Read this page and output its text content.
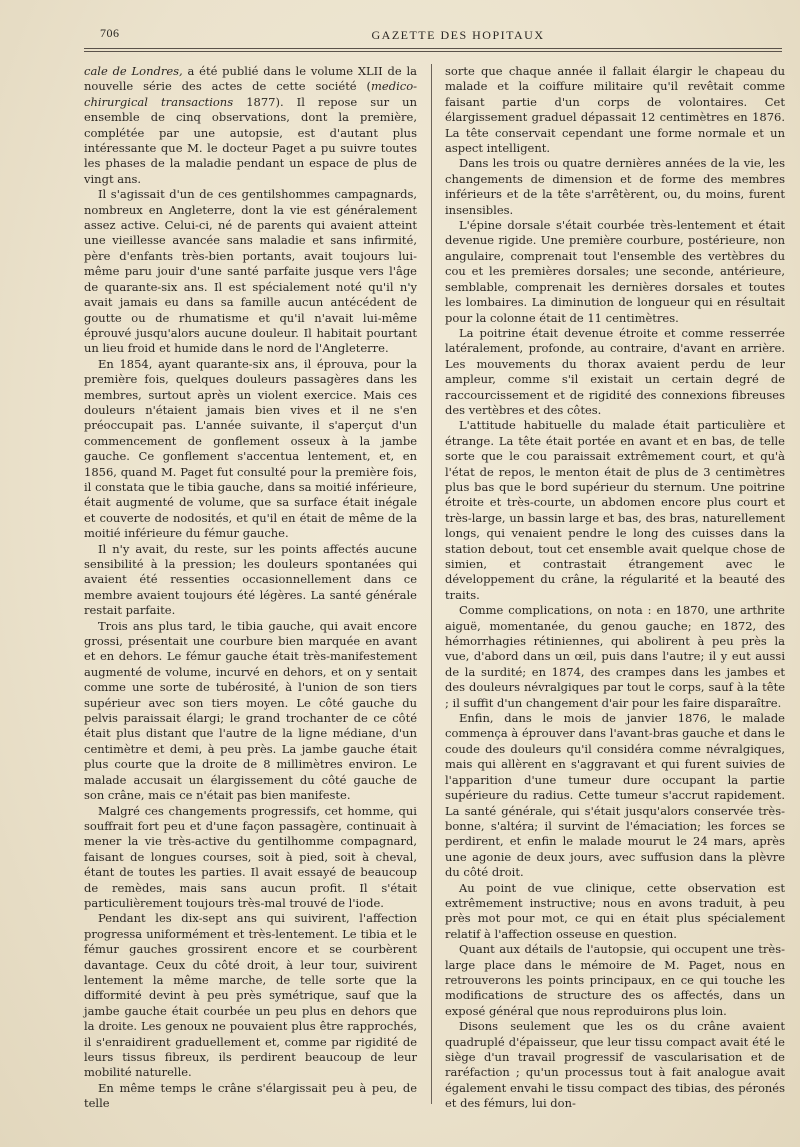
706	GAZETTE DES HOPITAUX

cale de Londres, a été publié dans le volume XLII de la nouvelle série des actes de cette société (medico-chirurgical transactions 1877). Il repose sur un ensemble de cinq observations, dont la première, complétée par une autopsie, est d'autant plus intéressante que M. le docteur Paget a pu suivre toutes les phases de la maladie pendant un espace de plus de vingt ans.

Il s'agissait d'un de ces gentilshommes campagnards, nombreux en Angleterre, dont la vie est généralement assez active. Celui-ci, né de parents qui avaient atteint une vieillesse avancée sans maladie et sans infirmité, père d'enfants très-bien portants, avait toujours lui-même paru jouir d'une santé parfaite jusque vers l'âge de quarante-six ans. Il est spécialement noté qu'il n'y avait jamais eu dans sa famille aucun antécédent de goutte ou de rhumatisme et qu'il n'avait lui-même éprouvé jusqu'alors aucune douleur. Il habitait pourtant un lieu froid et humide dans le nord de l'Angleterre.

En 1854, ayant quarante-six ans, il éprouva, pour la première fois, quelques douleurs passagères dans les membres, surtout après un violent exercice. Mais ces douleurs n'étaient jamais bien vives et il ne s'en préoccupait pas. L'année suivante, il s'aperçut d'un commencement de gonflement osseux à la jambe gauche. Ce gonflement s'accentua lentement, et, en 1856, quand M. Paget fut consulté pour la première fois, il constata que le tibia gauche, dans sa moitié inférieure, était augmenté de volume, que sa surface était inégale et couverte de nodosités, et qu'il en était de même de la moitié inférieure du fémur gauche.

Il n'y avait, du reste, sur les points affectés aucune sensibilité à la pression; les douleurs spontanées qui avaient été ressenties occasionnellement dans ce membre avaient toujours été légères. La santé générale restait parfaite.

Trois ans plus tard, le tibia gauche, qui avait encore grossi, présentait une courbure bien marquée en avant et en dehors. Le fémur gauche était très-manifestement augmenté de volume, incurvé en dehors, et on y sentait comme une sorte de tubérosité, à l'union de son tiers supérieur avec son tiers moyen. Le côté gauche du pelvis paraissait élargi; le grand trochanter de ce côté était plus distant que l'autre de la ligne médiane, d'un centimètre et demi, à peu près. La jambe gauche était plus courte que la droite de 8 millimètres environ. Le malade accusait un élargissement du côté gauche de son crâne, mais ce n'était pas bien manifeste.

Malgré ces changements progressifs, cet homme, qui souffrait fort peu et d'une façon passagère, continuait à mener la vie très-active du gentilhomme compagnard, faisant de longues courses, soit à pied, soit à cheval, étant de toutes les parties. Il avait essayé de beaucoup de remèdes, mais sans aucun profit. Il s'était particulièrement toujours très-mal trouvé de l'iode.

Pendant les dix-sept ans qui suivirent, l'affection progressa uniformément et très-lentement. Le tibia et le fémur gauches grossirent encore et se courbèrent davantage. Ceux du côté droit, à leur tour, suivirent lentement la même marche, de telle sorte que la difformité devint à peu près symétrique, sauf que la jambe gauche était courbée un peu plus en dehors que la droite. Les genoux ne pouvaient plus être rapprochés, il s'enraidirent graduellement et, comme par rigidité de leurs tissus fibreux, ils perdirent beaucoup de leur mobilité naturelle.

En même temps le crâne s'élargissait peu à peu, de telle

sorte que chaque année il fallait élargir le chapeau du malade et la coiffure militaire qu'il revêtait comme faisant partie d'un corps de volontaires. Cet élargissement graduel dépassait 12 centimètres en 1876. La tête conservait cependant une forme normale et un aspect intelligent.

Dans les trois ou quatre dernières années de la vie, les changements de dimension et de forme des membres inférieurs et de la tête s'arrêtèrent, ou, du moins, furent insensibles.

L'épine dorsale s'était courbée très-lentement et était devenue rigide. Une première courbure, postérieure, non angulaire, comprenait tout l'ensemble des vertèbres du cou et les premières dorsales; une seconde, antérieure, semblable, comprenait les dernières dorsales et toutes les lombaires. La diminution de longueur qui en résultait pour la colonne était de 11 centimètres.

La poitrine était devenue étroite et comme resserrée latéralement, profonde, au contraire, d'avant en arrière. Les mouvements du thorax avaient perdu de leur ampleur, comme s'il existait un certain degré de raccourcissement et de rigidité des connexions fibreuses des vertèbres et des côtes.

L'attitude habituelle du malade était particulière et étrange. La tête était portée en avant et en bas, de telle sorte que le cou paraissait extrêmement court, et qu'à l'état de repos, le menton était de plus de 3 centimètres plus bas que le bord supérieur du sternum. Une poitrine étroite et très-courte, un abdomen encore plus court et très-large, un bassin large et bas, des bras, naturellement longs, qui venaient pendre le long des cuisses dans la station debout, tout cet ensemble avait quelque chose de simien, et contrastait étrangement avec le développement du crâne, la régularité et la beauté des traits.

Comme complications, on nota : en 1870, une arthrite aiguë, momentanée, du genou gauche; en 1872, des hémorrhagies rétiniennes, qui abolirent à peu près la vue, d'abord dans un œil, puis dans l'autre; il y eut aussi de la surdité; en 1874, des crampes dans les jambes et des douleurs névralgiques par tout le corps, sauf à la tête ; il suffit d'un changement d'air pour les faire disparaître.

Enfin, dans le mois de janvier 1876, le malade commença à éprouver dans l'avant-bras gauche et dans le coude des douleurs qu'il considéra comme névralgiques, mais qui allèrent en s'aggravant et qui furent suivies de l'apparition d'une tumeur dure occupant la partie supérieure du radius. Cette tumeur s'accrut rapidement. La santé générale, qui s'était jusqu'alors conservée très-bonne, s'altéra; il survint de l'émaciation; les forces se perdirent, et enfin le malade mourut le 24 mars, après une agonie de deux jours, avec suffusion dans la plèvre du côté droit.

Au point de vue clinique, cette observation est extrêmement instructive; nous en avons traduit, à peu près mot pour mot, ce qui en était plus spécialement relatif à l'affection osseuse en question.

Quant aux détails de l'autopsie, qui occupent une très-large place dans le mémoire de M. Paget, nous en retrouverons les points principaux, en ce qui touche les modifications de structure des os affectés, dans un exposé général que nous reproduirons plus loin.

Disons seulement que les os du crâne avaient quadruplé d'épaisseur, que leur tissu compact avait été le siège d'un travail progressif de vascularisation et de raréfaction ; qu'un processus tout à fait analogue avait également envahi le tissu compact des tibias, des péronés et des fémurs, lui don-
